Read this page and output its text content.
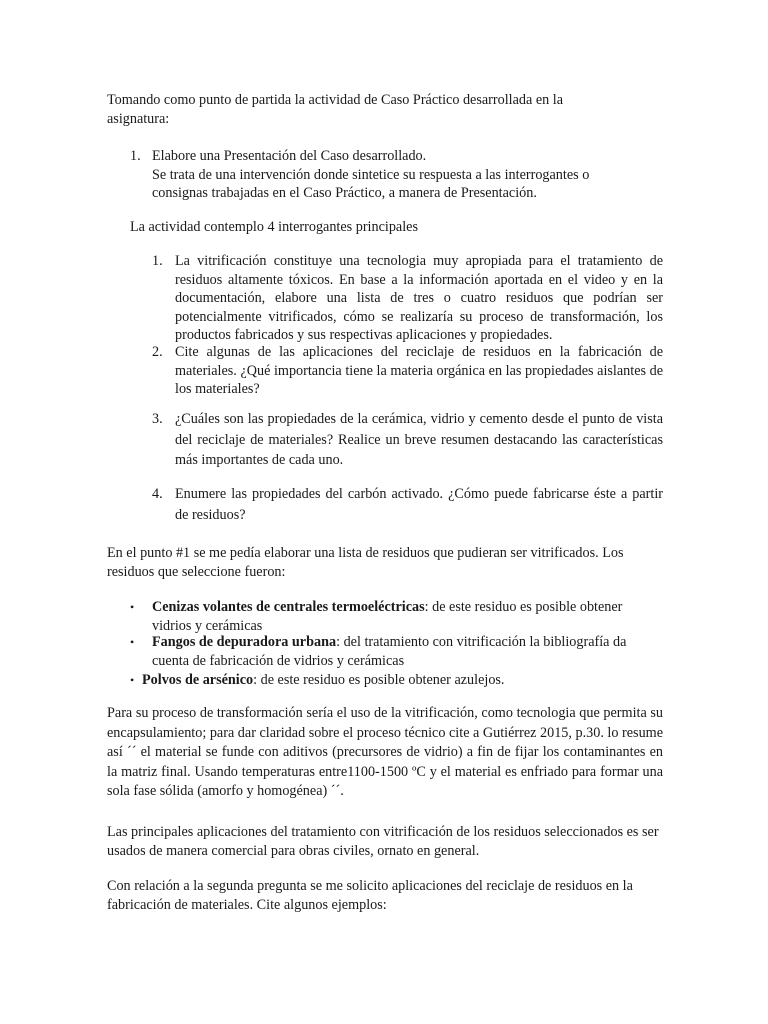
Tomando como punto de partida la actividad de Caso Práctico desarrollada en la asignatura:

1. Elabore una Presentación del Caso desarrollado.
Se trata de una intervención donde sintetice su respuesta a las interrogantes o consignas trabajadas en el Caso Práctico, a manera de Presentación.

La actividad contemplo 4 interrogantes principales

1. La vitrificación constituye una tecnologia muy apropiada para el tratamiento de residuos altamente tóxicos. En base a la información aportada en el video y en la documentación, elabore una lista de tres o cuatro residuos que podrían ser potencialmente vitrificados, cómo se realizaría su proceso de transformación, los productos fabricados y sus respectivas aplicaciones y propiedades.
2. Cite algunas de las aplicaciones del reciclaje de residuos en la fabricación de materiales. ¿Qué importancia tiene la materia orgánica en las propiedades aislantes de los materiales?
3. ¿Cuáles son las propiedades de la cerámica, vidrio y cemento desde el punto de vista del reciclaje de materiales? Realice un breve resumen destacando las características más importantes de cada uno.
4. Enumere las propiedades del carbón activado. ¿Cómo puede fabricarse éste a partir de residuos?

En el punto #1 se me pedía elaborar una lista de residuos que pudieran ser vitrificados. Los residuos que seleccione fueron:

• Cenizas volantes de centrales termoeléctricas: de este residuo es posible obtener vidrios y cerámicas
• Fangos de depuradora urbana: del tratamiento con vitrificación la bibliografía da cuenta de fabricación de vidrios y cerámicas
• Polvos de arsénico: de este residuo es posible obtener azulejos.

Para su proceso de transformación sería el uso de la vitrificación, como tecnologia que permita su encapsulamiento; para dar claridad sobre el proceso técnico cite a Gutiérrez 2015, p.30. lo resume así ´´ el material se funde con aditivos (precursores de vidrio) a fin de fijar los contaminantes en la matriz final. Usando temperaturas entre1100-1500 ºC y el material es enfriado para formar una sola fase sólida (amorfo y homogénea) ´´.

Las principales aplicaciones del tratamiento con vitrificación de los residuos seleccionados es ser usados de manera comercial para obras civiles, ornato en general.

Con relación a la segunda pregunta se me solicito aplicaciones del reciclaje de residuos en la fabricación de materiales. Cite algunos ejemplos:
